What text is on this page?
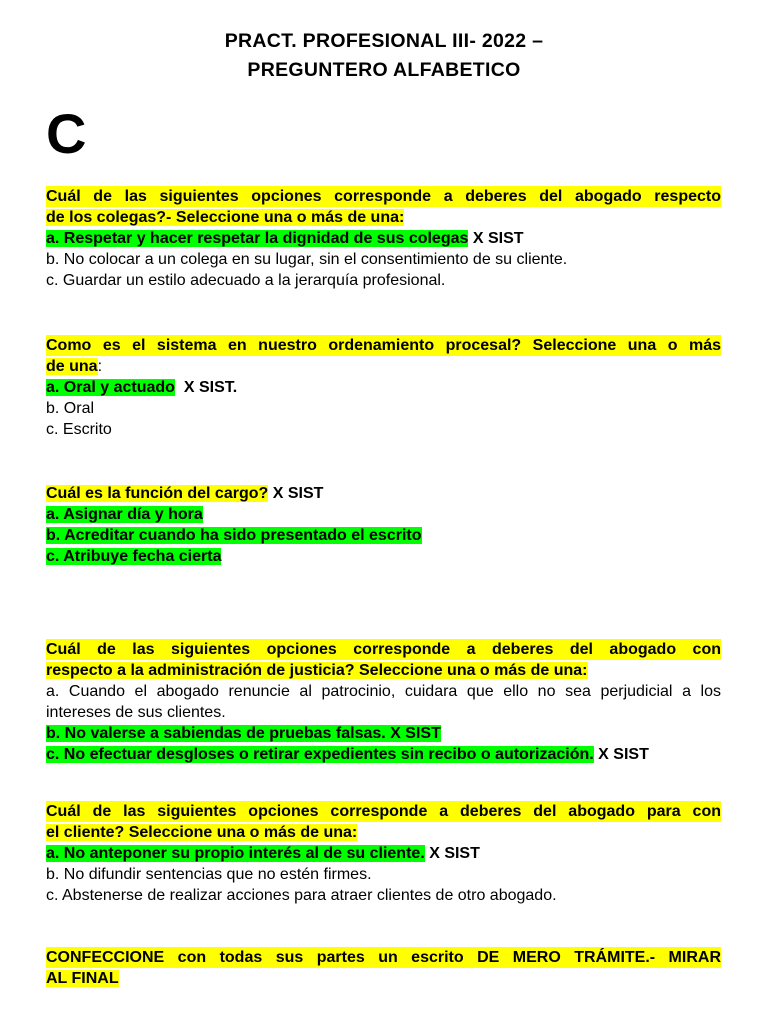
PRACT. PROFESIONAL III- 2022 –
PREGUNTERO ALFABETICO
C
Cuál de las siguientes opciones corresponde a deberes del abogado respecto
de los colegas?- Seleccione una o más de una:
a. Respetar y hacer respetar la dignidad de sus colegas X SIST
b. No colocar a un colega en su lugar, sin el consentimiento de su cliente.
c. Guardar un estilo adecuado a la jerarquía profesional.
Como es el sistema en nuestro ordenamiento procesal? Seleccione una o más
de una:
a. Oral y actuado  X SIST.
b. Oral
c. Escrito
Cuál es la función del cargo? X SIST
a. Asignar día y hora
b. Acreditar cuando ha sido presentado el escrito
c. Atribuye fecha cierta
Cuál de las siguientes opciones corresponde a deberes del abogado con
respecto a la administración de justicia? Seleccione una o más de una:
a. Cuando el abogado renuncie al patrocinio, cuidara que ello no sea perjudicial a los
intereses de sus clientes.
b. No valerse a sabiendas de pruebas falsas. X SIST
c. No efectuar desgloses o retirar expedientes sin recibo o autorización. X SIST
Cuál de las siguientes opciones corresponde a deberes del abogado para con
el cliente? Seleccione una o más de una:
a. No anteponer su propio interés al de su cliente. X SIST
b. No difundir sentencias que no estén firmes.
c. Abstenerse de realizar acciones para atraer clientes de otro abogado.
CONFECCIONE con todas sus partes un escrito DE MERO TRÁMITE.- MIRAR
AL FINAL
